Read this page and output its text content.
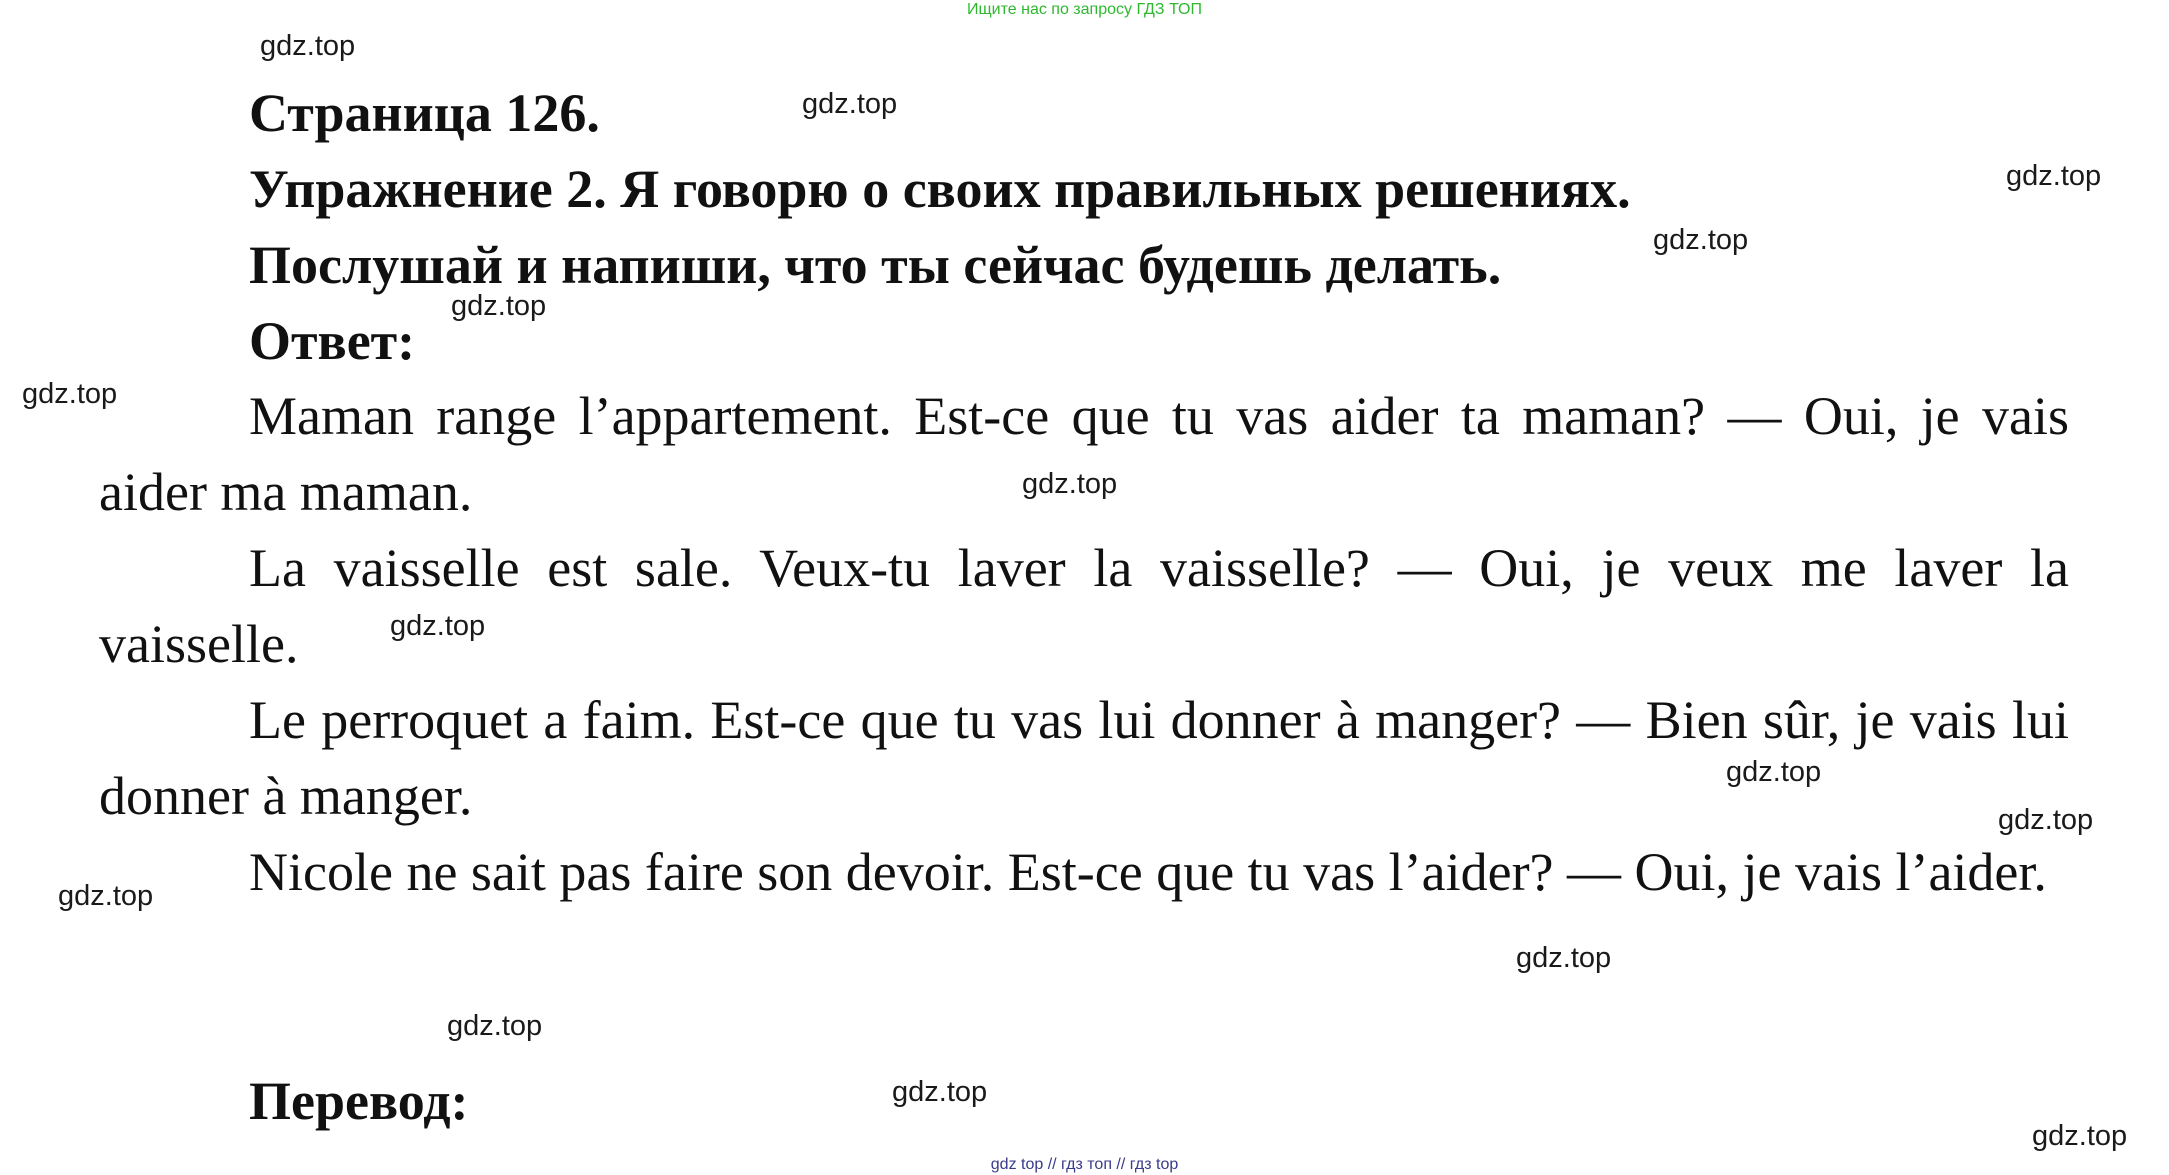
Ищите нас по запросу ГДЗ ТОП
Страница 126.
Упражнение 2. Я говорю о своих правильных решениях.
Послушай и напиши, что ты сейчас будешь делать.
Ответ:

Maman range l’appartement. Est-ce que tu vas aider ta maman? — Oui, je vais aider ma maman.

La vaisselle est sale. Veux-tu laver la vaisselle? — Oui, je veux me laver la vaisselle.

Le perroquet a faim. Est-ce que tu vas lui donner à manger? — Bien sûr, je vais lui donner à manger.

Nicole ne sait pas faire son devoir. Est-ce que tu vas l’aider? — Oui, je vais l’aider.

Перевод:
gdz.top
gdz.top
gdz.top
gdz.top
gdz.top
gdz.top
gdz.top
gdz.top
gdz.top
gdz.top
gdz.top
gdz.top
gdz.top
gdz.top
gdz.top
gdz top // гдз топ // гдз top
